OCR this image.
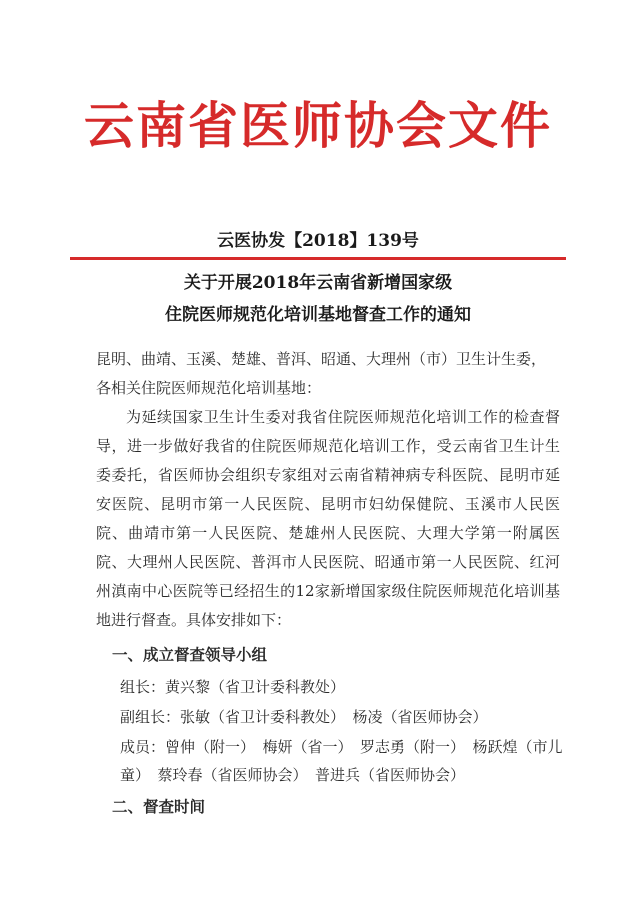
云南省医师协会文件
云医协发【2018】139号
关于开展2018年云南省新增国家级
住院医师规范化培训基地督查工作的通知
昆明、曲靖、玉溪、楚雄、普洱、昭通、大理州（市）卫生计生委，各相关住院医师规范化培训基地：
为延续国家卫生计生委对我省住院医师规范化培训工作的检查督导，进一步做好我省的住院医师规范化培训工作，受云南省卫生计生委委托，省医师协会组织专家组对云南省精神病专科医院、昆明市延安医院、昆明市第一人民医院、昆明市妇幼保健院、玉溪市人民医院、曲靖市第一人民医院、楚雄州人民医院、大理大学第一附属医院、大理州人民医院、普洱市人民医院、昭通市第一人民医院、红河州滇南中心医院等已经招生的12家新增国家级住院医师规范化培训基地进行督查。具体安排如下：
一、成立督查领导小组
组长：黄兴黎（省卫计委科教处）
副组长：张敏（省卫计委科教处）　杨凌（省医师协会）
成员：曾伸（附一）　梅妍（省一）　罗志勇（附一）　杨跃煌（市儿童）　蔡玲春（省医师协会）　普进兵（省医师协会）
二、督查时间
